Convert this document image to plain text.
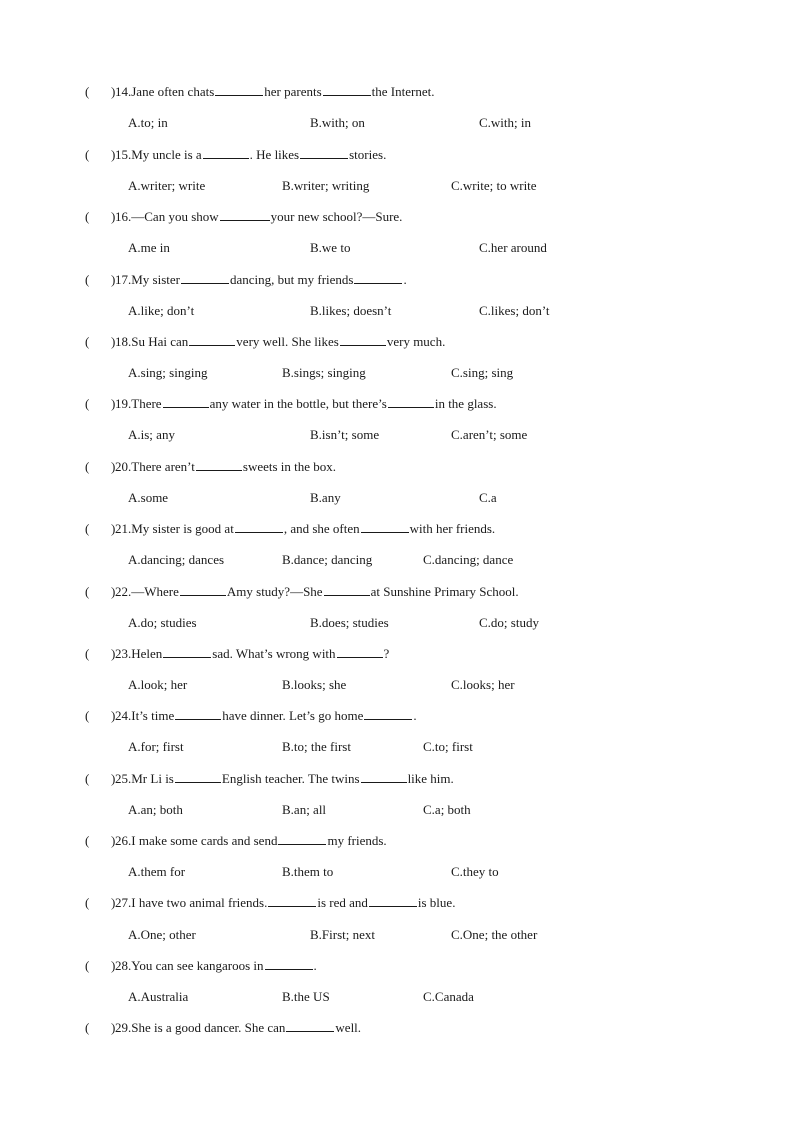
( ) 14.Jane often chats	her parents	the Internet.
A.to; in	B.with; on	C.with; in
( ) 15.My uncle is a	. He likes	stories.
A.writer; write	B.writer; writing	C.write; to write
( ) 16.—Can you show	your new school?—Sure.
A.me in	B.we to	C.her around
( ) 17.My sister	dancing, but my friends	.
A.like; don’t	B.likes; doesn’t	C.likes; don’t
( ) 18.Su Hai can	very well. She likes	very much.
A.sing; singing	B.sings; singing	C.sing; sing
( ) 19.There	any water in the bottle, but there’s	in the glass.
A.is; any	B.isn’t; some	C.aren’t; some
( ) 20.There aren’t	sweets in the box.
A.some	B.any	C.a
( ) 21.My sister is good at	, and she often	with her friends.
A.dancing; dances	B.dance; dancing	C.dancing; dance
( ) 22.—Where	Amy study?—She	at Sunshine Primary School.
A.do; studies	B.does; studies	C.do; study
( ) 23.Helen	sad. What’s wrong with	?
A.look; her	B.looks; she	C.looks; her
( ) 24.It’s time	have dinner. Let’s go home	.
A.for; first	B.to; the first	C.to; first
( ) 25.Mr Li is	English teacher. The twins	like him.
A.an; both	B.an; all	C.a; both
( ) 26.I make some cards and send	my friends.
A.them for	B.them to	C.they to
( ) 27.I have two animal friends.	is red and	is blue.
A.One; other	B.First; next	C.One; the other
( ) 28.You can see kangaroos in	.
A.Australia	B.the US	C.Canada
( ) 29.She is a good dancer. She can	well.
